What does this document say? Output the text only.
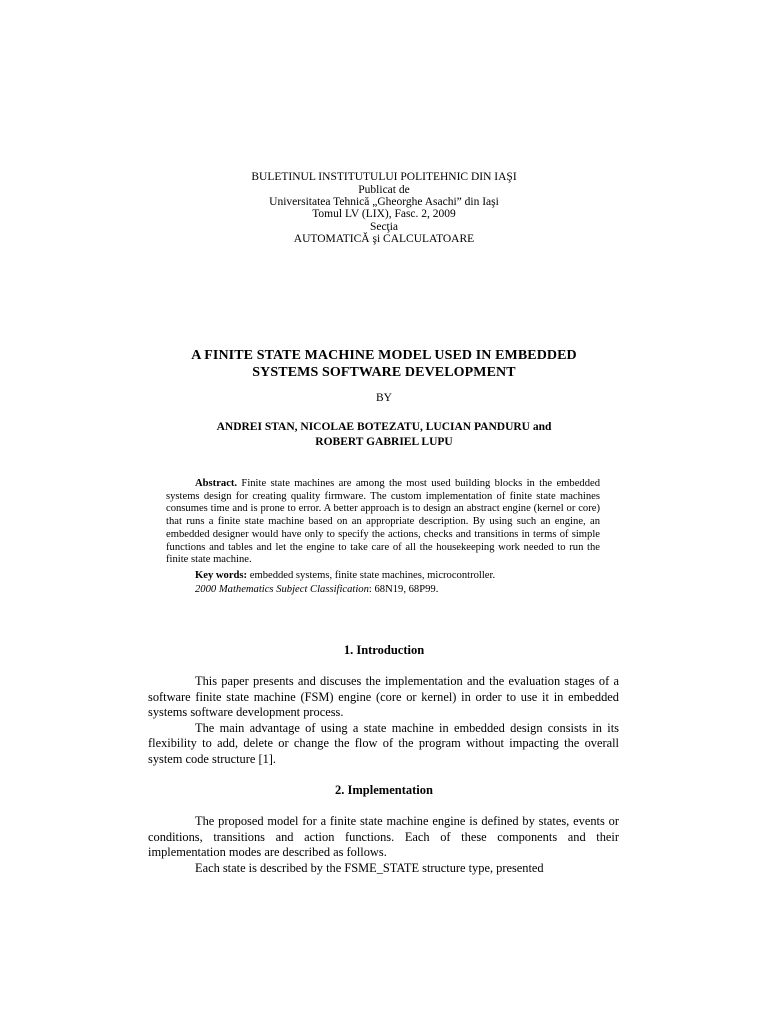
BULETINUL INSTITUTULUI POLITEHNIC DIN IAŞI
Publicat de
Universitatea Tehnică „Gheorghe Asachi” din Iaşi
Tomul LV (LIX), Fasc. 2, 2009
Secţia
AUTOMATICĂ şi CALCULATOARE
A FINITE STATE MACHINE MODEL USED IN EMBEDDED
SYSTEMS SOFTWARE DEVELOPMENT
BY
ANDREI STAN, NICOLAE BOTEZATU, LUCIAN PANDURU and
ROBERT GABRIEL LUPU

Abstract. Finite state machines are among the most used building blocks in the embedded systems design for creating quality firmware. The custom implementation of finite state machines consumes time and is prone to error. A better approach is to design an abstract engine (kernel or core) that runs a finite state machine based on an appropriate description. By using such an engine, an embedded designer would have only to specify the actions, checks and transitions in terms of simple functions and tables and let the engine to take care of all the housekeeping work needed to run the finite state machine.

Key words: embedded systems, finite state machines, microcontroller.
2000 Mathematics Subject Classification: 68N19, 68P99.
1. Introduction

This paper presents and discuses the implementation and the evaluation stages of a software finite state machine (FSM) engine (core or kernel) in order to use it in embedded systems software development process.

The main advantage of using a state machine in embedded design consists in its flexibility to add, delete or change the flow of the program without impacting the overall system code structure [1].

2. Implementation

The proposed model for a finite state machine engine is defined by states, events or conditions, transitions and action functions. Each of these components and their implementation modes are described as follows.

Each state is described by the FSME_STATE structure type, presented
